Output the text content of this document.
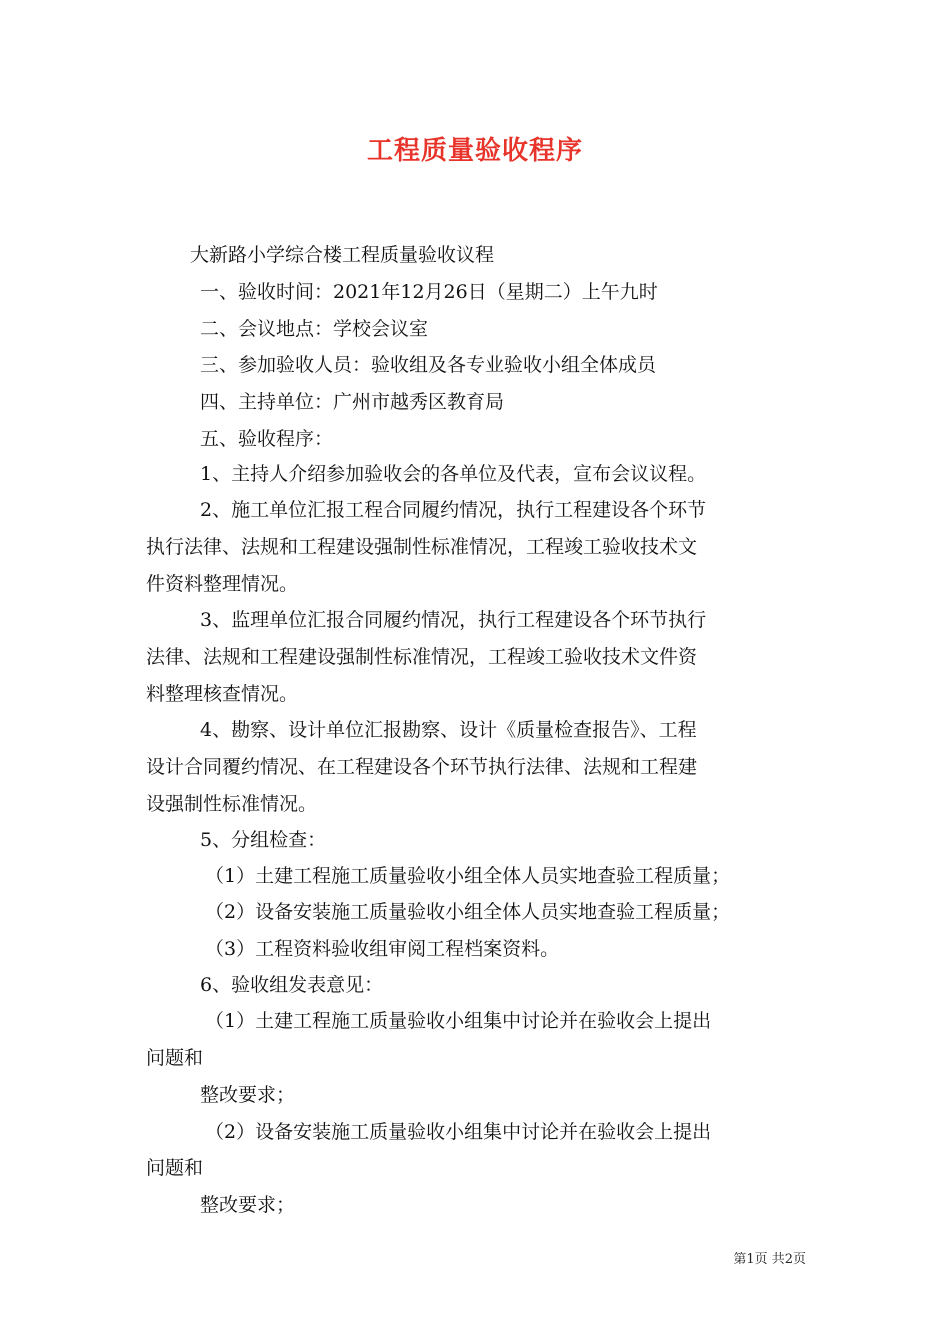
工程质量验收程序
大新路小学综合楼工程质量验收议程
一、验收时间：2021年12月26日（星期二）上午九时
二、会议地点：学校会议室
三、参加验收人员：验收组及各专业验收小组全体成员
四、主持单位：广州市越秀区教育局
五、验收程序：
1、主持人介绍参加验收会的各单位及代表，宣布会议议程。
2、施工单位汇报工程合同履约情况，执行工程建设各个环节
执行法律、法规和工程建设强制性标准情况，工程竣工验收技术文
件资料整理情况。
3、监理单位汇报合同履约情况，执行工程建设各个环节执行
法律、法规和工程建设强制性标准情况，工程竣工验收技术文件资
料整理核查情况。
4、勘察、设计单位汇报勘察、设计《质量检查报告》、工程
设计合同覆约情况、在工程建设各个环节执行法律、法规和工程建
设强制性标准情况。
5、分组检查：
（1）土建工程施工质量验收小组全体人员实地查验工程质量；
（2）设备安装施工质量验收小组全体人员实地查验工程质量；
（3）工程资料验收组审阅工程档案资料。
6、验收组发表意见：
（1）土建工程施工质量验收小组集中讨论并在验收会上提出
问题和
整改要求；
（2）设备安装施工质量验收小组集中讨论并在验收会上提出
问题和
整改要求；
第1页 共2页
